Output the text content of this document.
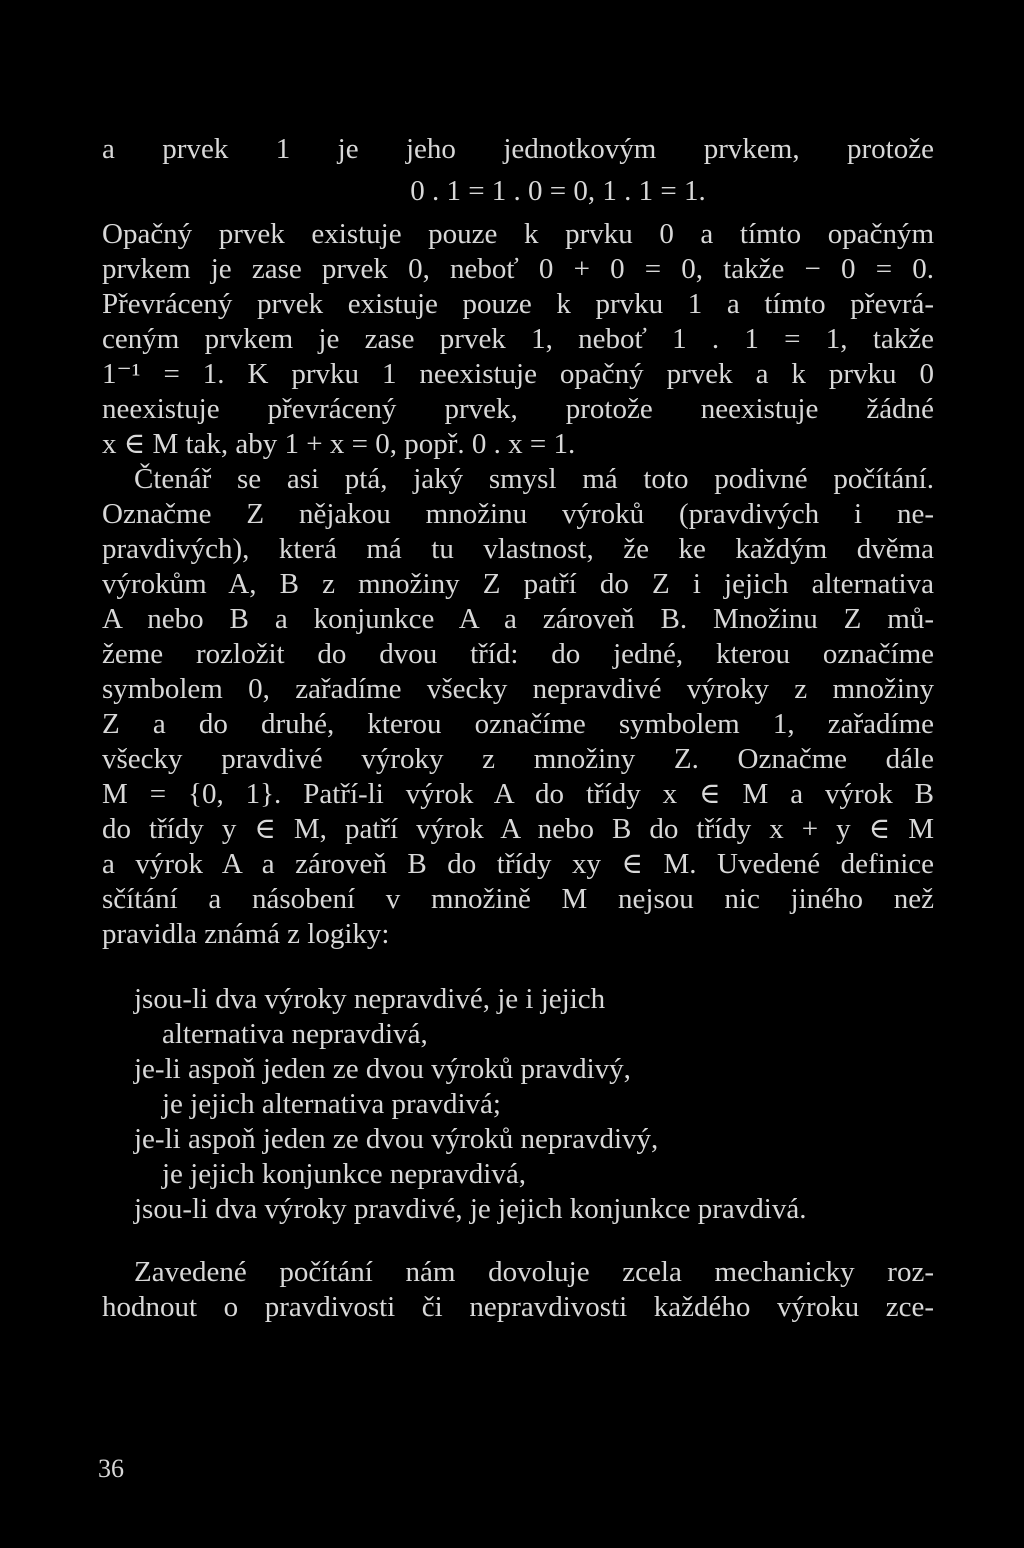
a prvek 1 je jeho jednotkovým prvkem, protože
0 . 1 = 1 . 0 = 0, 1 . 1 = 1.
Opačný prvek existuje pouze k prvku 0 a tímto opačným
prvkem je zase prvek 0, neboť 0 + 0 = 0, takže − 0 = 0.
Převrácený prvek existuje pouze k prvku 1 a tímto převrá-
ceným prvkem je zase prvek 1, neboť 1 . 1 = 1, takže
1⁻¹ = 1. K prvku 1 neexistuje opačný prvek a k prvku 0
neexistuje převrácený prvek, protože neexistuje žádné
x ∈ M tak, aby 1 + x = 0, popř. 0 . x = 1.
Čtenář se asi ptá, jaký smysl má toto podivné počítání.
Označme Z nějakou množinu výroků (pravdivých i ne-
pravdivých), která má tu vlastnost, že ke každým dvěma
výrokům A, B z množiny Z patří do Z i jejich alternativa
A nebo B a konjunkce A a zároveň B. Množinu Z mů-
žeme rozložit do dvou tříd: do jedné, kterou označíme
symbolem 0, zařadíme všecky nepravdivé výroky z množiny
Z a do druhé, kterou označíme symbolem 1, zařadíme
všecky pravdivé výroky z množiny Z. Označme dále
M = {0, 1}. Patří-li výrok A do třídy x ∈ M a výrok B
do třídy y ∈ M, patří výrok A nebo B do třídy x + y ∈ M
a výrok A a zároveň B do třídy xy ∈ M. Uvedené definice
sčítání a násobení v množině M nejsou nic jiného než
pravidla známá z logiky:
jsou-li dva výroky nepravdivé, je i jejich
alternativa nepravdivá,
je-li aspoň jeden ze dvou výroků pravdivý,
je jejich alternativa pravdivá;
je-li aspoň jeden ze dvou výroků nepravdivý,
je jejich konjunkce nepravdivá,
jsou-li dva výroky pravdivé, je jejich konjunkce pravdivá.
Zavedené počítání nám dovoluje zcela mechanicky roz-
hodnout o pravdivosti či nepravdivosti každého výroku zce-
36
